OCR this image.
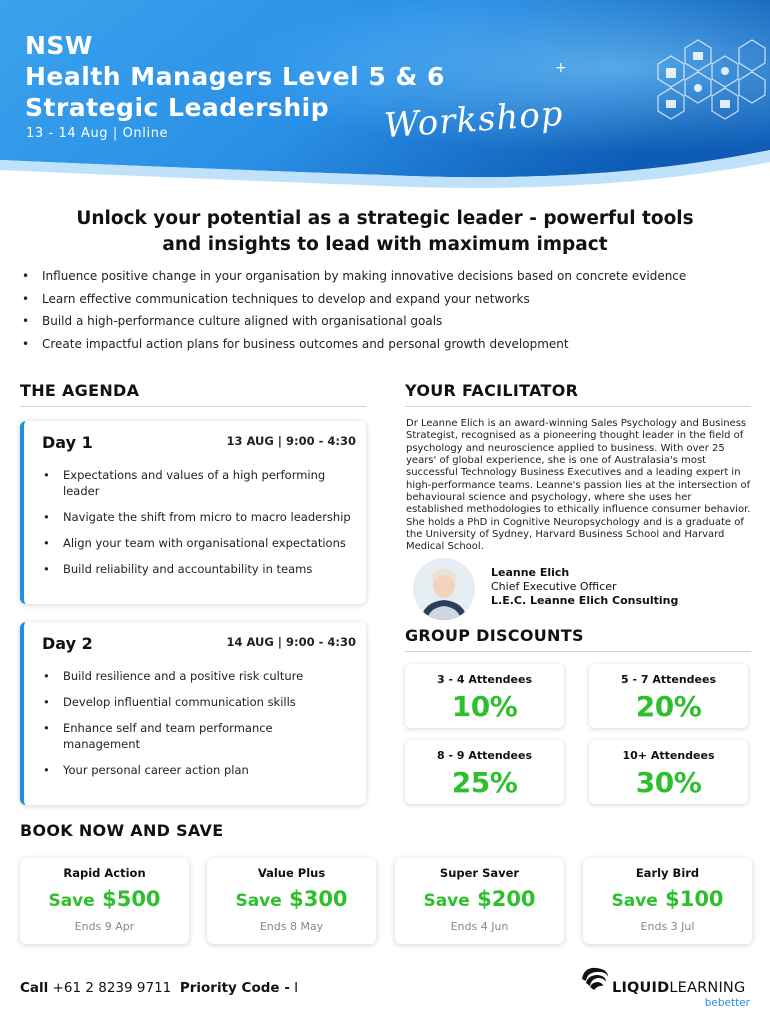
+
NSW
Health Managers Level 5 & 6
Strategic Leadership	Workshop
13 - 14 Aug | Online
Unlock your potential as a strategic leader - powerful tools
and insights to lead with maximum impact
• Influence positive change in your organisation by making innovative decisions based on concrete evidence
• Learn effective communication techniques to develop and expand your networks
• Build a high-performance culture aligned with organisational goals
• Create impactful action plans for business outcomes and personal growth development
THE AGENDA
Day 1	13 AUG | 9:00 - 4:30
• Expectations and values of a high performing leader
• Navigate the shift from micro to macro leadership
• Align your team with organisational expectations
• Build reliability and accountability in teams
Day 2	14 AUG | 9:00 - 4:30
• Build resilience and a positive risk culture
• Develop influential communication skills
• Enhance self and team performance management
• Your personal career action plan
YOUR FACILITATOR
Dr Leanne Elich is an award-winning Sales Psychology and Business Strategist, recognised as a pioneering thought leader in the field of psychology and neuroscience applied to business. With over 25 years' of global experience, she is one of Australasia's most successful Technology Business Executives and a leading expert in high-performance teams. Leanne's passion lies at the intersection of behavioural science and psychology, where she uses her established methodologies to ethically influence consumer behavior. She holds a PhD in Cognitive Neuropsychology and is a graduate of the University of Sydney, Harvard Business School and Harvard Medical School.
Leanne Elich
Chief Executive Officer
L.E.C. Leanne Elich Consulting
GROUP DISCOUNTS
3 - 4 Attendees
10%
5 - 7 Attendees
20%
8 - 9 Attendees
25%
10+ Attendees
30%
BOOK NOW AND SAVE
Rapid Action
Save $500
Ends 9 Apr
Value Plus
Save $300
Ends 8 May
Super Saver
Save $200
Ends 4 Jun
Early Bird
Save $100
Ends 3 Jul
Call +61 2 8239 9711 Priority Code - I	LIQUIDLEARNING
bebetter
